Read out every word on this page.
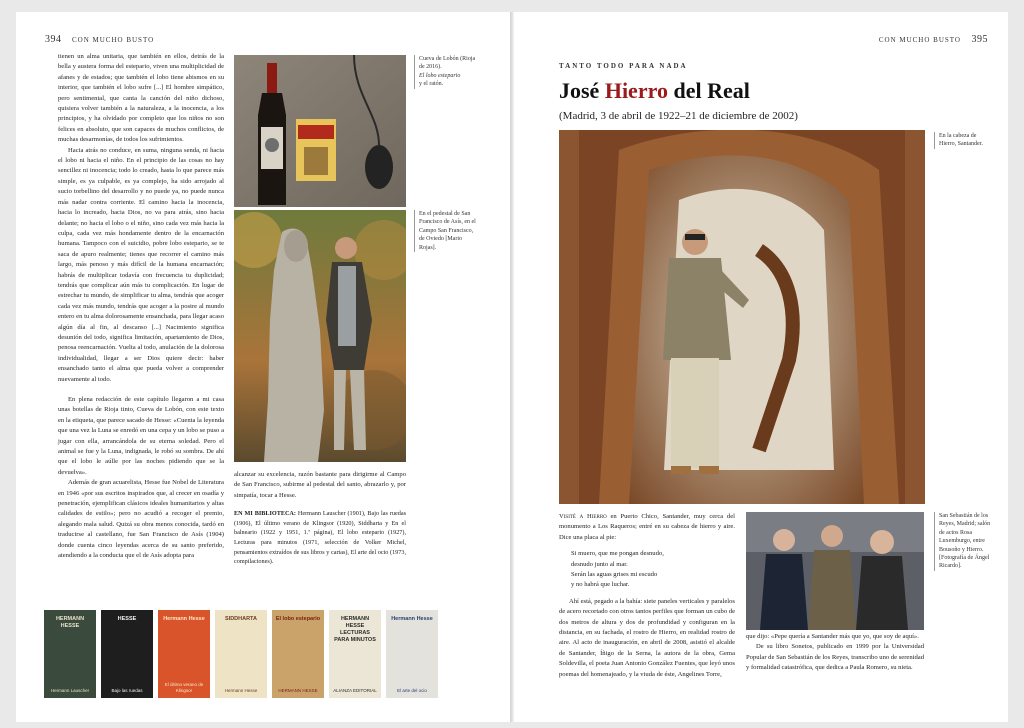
394 CON MUCHO BUSTO

tienen un alma unitaria, que también en ellos, detrás de la bella y austera forma del estepario, viven una multiplicidad de afanes y de estados; que también el lobo tiene abismos en su interior, que también el lobo sufre [...] El hombre simpático, pero sentimental, que canta la canción del niño dichoso, quisiera volver también a la naturaleza, a la inocencia, a los principios, y ha olvidado por completo que los niños no son felices en absoluto, que son capaces de muchos conflictos, de muchas desarmonías, de todos los sufrimientos.

Hacia atrás no conduce, en suma, ninguna senda, ni hacia el lobo ni hacia el niño. En el principio de las cosas no hay sencillez ni inocencia; todo lo creado, hasta lo que parece más simple, es ya culpable, es ya complejo, ha sido arrojado al sucio torbellino del desarrollo y no puede ya, no puede nunca más nadar contra corriente. El camino hacia la inocencia, hacia lo increado, hacia Dios, no va para atrás, sino hacia delante; no hacia el lobo o el niño, sino cada vez más hacia la culpa, cada vez más hondamente dentro de la encarnación humana. Tampoco con el suicidio, pobre lobo estepario, se te saca de apuro realmente; tienes que recorrer el camino más largo, más penoso y más difícil de la humana encarnación; habrás de multiplicar todavía con frecuencia tu duplicidad; tendrás que complicar aún más tu complicación. En lugar de estrechar tu mundo, de simplificar tu alma, tendrás que acoger cada vez más mundo, tendrás que acoger a la postre al mundo entero en tu alma dolorosamente ensanchada, para llegar acaso algún día al fin, al descanso [...] Nacimiento significa desunión del todo, significa limitación, apartamiento de Dios, penosa reencarnación. Vuelta al todo, anulación de la dolorosa individualidad, llegar a ser Dios quiere decir: haber ensanchado tanto el alma que pueda volver a comprender nuevamente al todo.

En plena redacción de este capítulo llegaron a mi casa unas botellas de Rioja tinto, Cueva de Lobón, con este texto en la etiqueta, que parece sacado de Hesse: «Cuenta la leyenda que una vez la Luna se enredó en una cepa y un lobo se puso a jugar con ella, arrancándola de su eterna soledad. Pero el animal se fue y la Luna, indignada, le robó su sombra. De ahí que el lobo le aúlle por las noches pidiendo que se la devuelva».

Además de gran acuarelista, Hesse fue Nobel de Literatura en 1946 «por sus escritos inspirados que, al crecer en osadía y penetración, ejemplifican clásicos ideales humanitarios y altas calidades de estilo»; pero no acudió a recoger el premio, alegando mala salud. Quizá su obra menos conocida, tardó en traducirse al castellano, fue San Francisco de Asís (1904) donde cuenta cinco leyendas acerca de su santo preferido, atendiendo a la conducta que el de Asís adopta para

Cueva de Lobón (Rioja de 2016).
El lobo estepario
y el ratón.
En el pedestal de San Francisco de Asís, en el Campo San Francisco, de Oviedo [Mario Rojas].

alcanzar su excelencia, razón bastante para dirigirme al Campo de San Francisco, subirme al pedestal del santo, abrazarlo y, por simpatía, tocar a Hesse.

EN MI BIBLIOTECA: Hermann Lauscher (1901), Bajo las ruedas (1906), El último verano de Klingsor (1920), Siddharta y En el balneario (1922 y 1951, 1.ª página), El lobo estepario (1927), Lecturas para minutos (1971, selección de Volker Michel, pensamientos extraídos de sus libros y cartas), El arte del ocio (1973, compilaciones).

HERMANN HESSE
Hermann Lauscher
HESSE
Bajo las ruedas
Hermann Hesse
El último verano de Klingsor
SIDDHARTA
Hermann Hesse
El lobo estepario
HERMANN HESSE
HERMANN HESSE LECTURAS PARA MINUTOS
ALIANZA EDITORIAL
Hermann Hesse
El arte del ocio
CON MUCHO BUSTO 395
TANTO TODO PARA NADA
José Hierro del Real
(Madrid, 3 de abril de 1922–21 de diciembre de 2002)
En la cabeza de Hierro, Santander.

Visité a Hierro en Puerto Chico, Santander, muy cerca del monumento a Los Raqueros; entré en su cabeza de hierro y aire. Dice una placa al pie:

Si muero, que me pongan desnudo,
desnudo junto al mar.
Serán las aguas grises mi escudo
y no habrá que luchar.

Ahí está, pegado a la bahía: siete paneles verticales y paralelos de acero recortado con otros tantos perfiles que forman un cubo de dos metros de altura y dos de profundidad y configuran en la distancia, en su fachada, el rostro de Hierro, en realidad rostro de aire. Al acto de inauguración, en abril de 2008, asistió el alcalde de Santander, Íñigo de la Serna, la autora de la obra, Gema Soldevilla, el poeta Juan Antonio González Fuentes, que leyó unos poemas del homenajeado, y la viuda de éste, Angelines Torre,

San Sebastián de los Reyes, Madrid; salón de actos Rosa Luxemburgo, entre Bousoño y Hierro. [Fotografía de Ángel Ricardo].

que dijo: «Pepe quería a Santander más que yo, que soy de aquí».

De su libro Sonetos, publicado en 1999 por la Universidad Popular de San Sebastián de los Reyes, transcribo uno de serenidad y formalidad catastrófica, que dedica a Paula Romero, su nieta.
